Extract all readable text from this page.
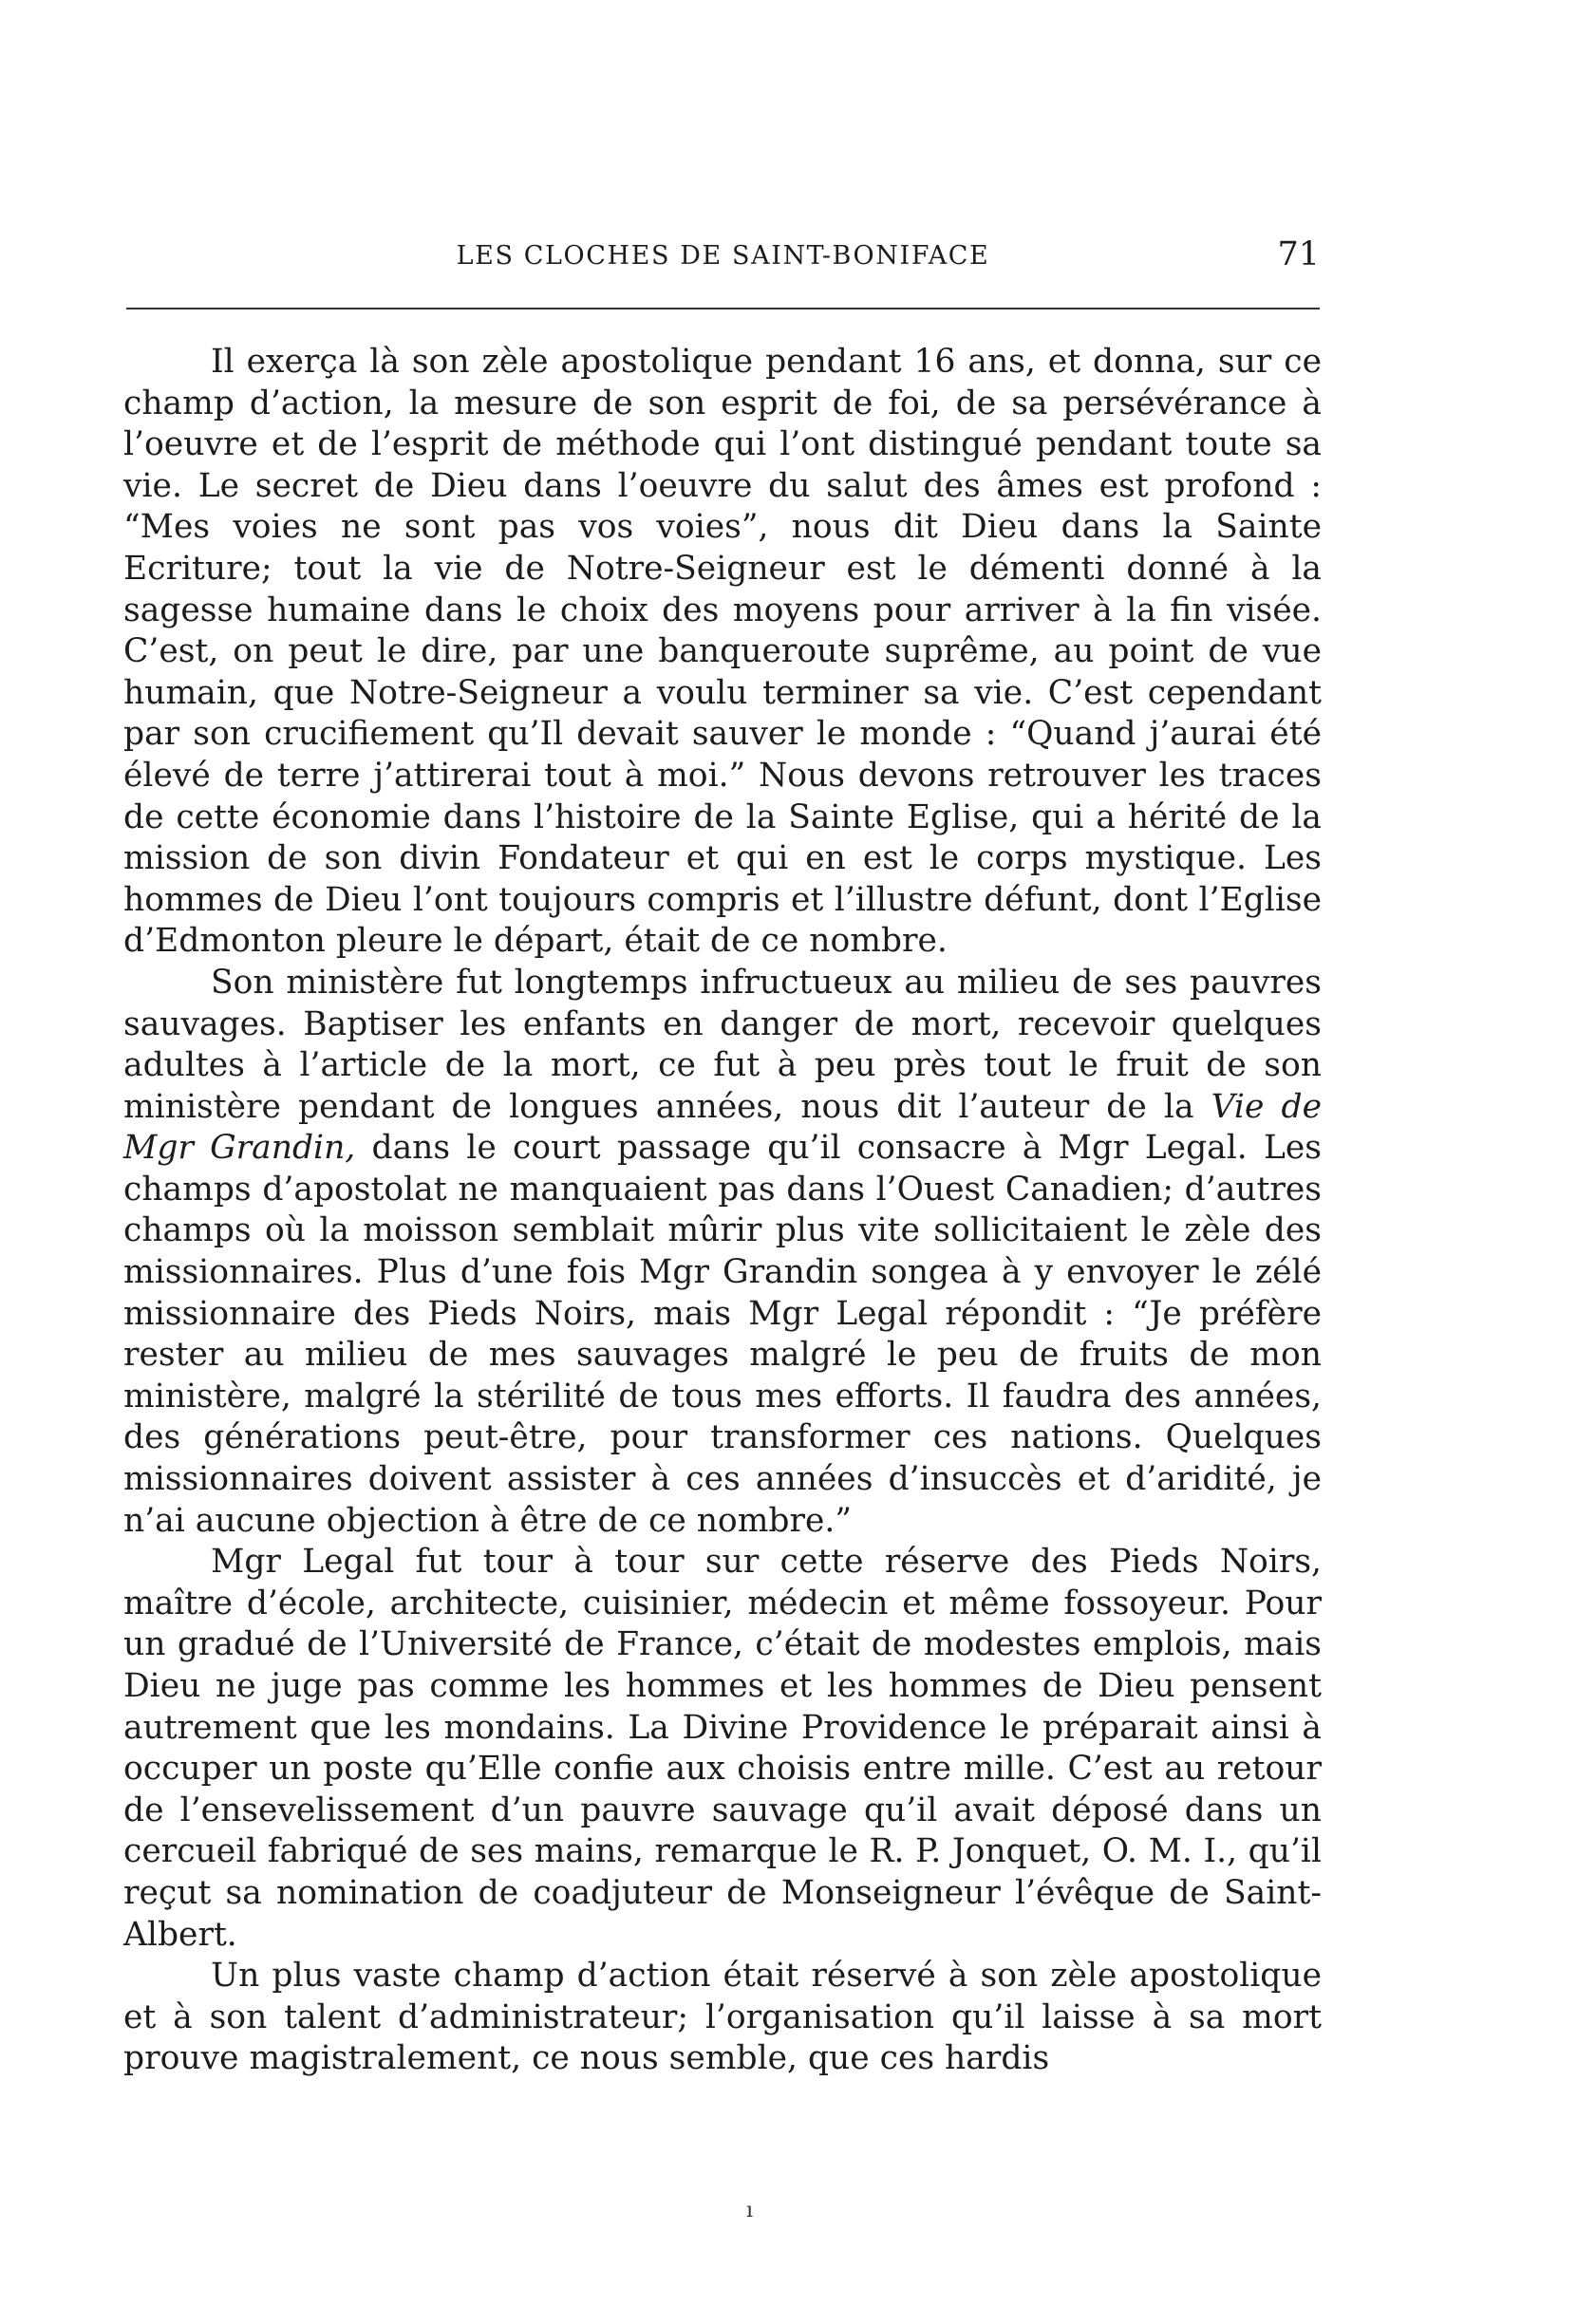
LES CLOCHES DE SAINT-BONIFACE	71

Il exerça là son zèle apostolique pendant 16 ans, et donna, sur ce champ d’action, la mesure de son esprit de foi, de sa persévérance à l’oeuvre et de l’esprit de méthode qui l’ont distingué pendant toute sa vie. Le secret de Dieu dans l’oeuvre du salut des âmes est profond : “Mes voies ne sont pas vos voies”, nous dit Dieu dans la Sainte Ecriture; tout la vie de Notre-Seigneur est le démenti donné à la sagesse humaine dans le choix des moyens pour arriver à la fin visée. C’est, on peut le dire, par une banqueroute suprême, au point de vue humain, que Notre-Seigneur a voulu terminer sa vie. C’est cependant par son crucifiement qu’Il devait sauver le monde : “Quand j’aurai été élevé de terre j’attirerai tout à moi.” Nous devons retrouver les traces de cette économie dans l’histoire de la Sainte Eglise, qui a hérité de la mission de son divin Fondateur et qui en est le corps mystique. Les hommes de Dieu l’ont toujours compris et l’illustre défunt, dont l’Eglise d’Edmonton pleure le départ, était de ce nombre.

Son ministère fut longtemps infructueux au milieu de ses pauvres sauvages. Baptiser les enfants en danger de mort, recevoir quelques adultes à l’article de la mort, ce fut à peu près tout le fruit de son ministère pendant de longues années, nous dit l’auteur de la Vie de Mgr Grandin, dans le court passage qu’il consacre à Mgr Legal. Les champs d’apostolat ne manquaient pas dans l’Ouest Canadien; d’autres champs où la moisson semblait mûrir plus vite sollicitaient le zèle des missionnaires. Plus d’une fois Mgr Grandin songea à y envoyer le zélé missionnaire des Pieds Noirs, mais Mgr Legal répondit : “Je préfère rester au milieu de mes sauvages malgré le peu de fruits de mon ministère, malgré la stérilité de tous mes efforts. Il faudra des années, des générations peut-être, pour transformer ces nations. Quelques missionnaires doivent assister à ces années d’insuccès et d’aridité, je n’ai aucune objection à être de ce nombre.”

Mgr Legal fut tour à tour sur cette réserve des Pieds Noirs, maître d’école, architecte, cuisinier, médecin et même fossoyeur. Pour un gradué de l’Université de France, c’était de modestes emplois, mais Dieu ne juge pas comme les hommes et les hommes de Dieu pensent autrement que les mondains. La Divine Providence le préparait ainsi à occuper un poste qu’Elle confie aux choisis entre mille. C’est au retour de l’ensevelissement d’un pauvre sauvage qu’il avait déposé dans un cercueil fabriqué de ses mains, remarque le R. P. Jonquet, O. M. I., qu’il reçut sa nomination de coadjuteur de Monseigneur l’évêque de Saint-Albert.

Un plus vaste champ d’action était réservé à son zèle apostolique et à son talent d’administrateur; l’organisation qu’il laisse à sa mort prouve magistralement, ce nous semble, que ces hardis

ı
